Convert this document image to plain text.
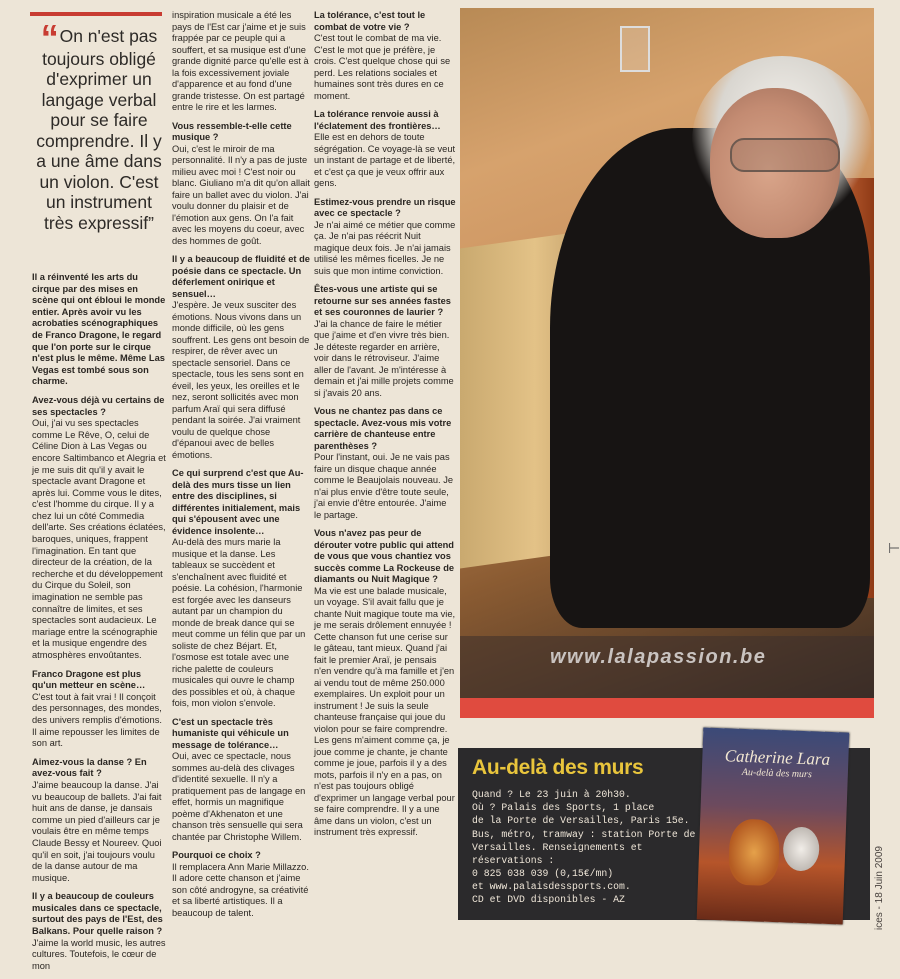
“ On n'est pas toujours obligé d'exprimer un langage verbal pour se faire comprendre. Il y a une âme dans un violon. C'est un instrument très expressif”

Il a réinventé les arts du cirque par des mises en scène qui ont ébloui le monde entier. Après avoir vu les acrobaties scénographiques de Franco Dragone, le regard que l'on porte sur le cirque n'est plus le même. Même Las Vegas est tombé sous son charme.

Avez-vous déjà vu certains de ses spectacles ?
Oui, j'ai vu ses spectacles comme Le Rêve, O, celui de Céline Dion à Las Vegas ou encore Saltimbanco et Alegria et je me suis dit qu'il y avait le spectacle avant Dragone et après lui. Comme vous le dites, c'est l'homme du cirque. Il y a chez lui un côté Commedia dell'arte. Ses créations éclatées, baroques, uniques, frappent l'imagination. En tant que directeur de la création, de la recherche et du développement du Cirque du Soleil, son imagination ne semble pas connaître de limites, et ses spectacles sont audacieux. Le mariage entre la scénographie et la musique engendre des atmosphères envoûtantes.

Franco Dragone est plus qu'un metteur en scène…
C'est tout à fait vrai ! Il conçoit des personnages, des mondes, des univers remplis d'émotions. Il aime repousser les limites de son art.

Aimez-vous la danse ? En avez-vous fait ?
J'aime beaucoup la danse. J'ai vu beaucoup de ballets. J'ai fait huit ans de danse, je dansais comme un pied d'ailleurs car je voulais être en même temps Claude Bessy et Noureev. Quoi qu'il en soit, j'ai toujours voulu de la danse autour de ma musique.

Il y a beaucoup de couleurs musicales dans ce spectacle, surtout des pays de l'Est, des Balkans. Pour quelle raison ?
J'aime la world music, les autres cultures. Toutefois, le cœur de mon

inspiration musicale a été les pays de l'Est car j'aime et je suis frappée par ce peuple qui a souffert, et sa musique est d'une grande dignité parce qu'elle est à la fois excessivement joviale d'apparence et au fond d'une grande tristesse. On est partagé entre le rire et les larmes.

Vous ressemble-t-elle cette musique ?
Oui, c'est le miroir de ma personnalité. Il n'y a pas de juste milieu avec moi ! C'est noir ou blanc. Giuliano m'a dit qu'on allait faire un ballet avec du violon. J'ai voulu donner du plaisir et de l'émotion aux gens. On l'a fait avec les moyens du coeur, avec des hommes de goût.

Il y a beaucoup de fluidité et de poésie dans ce spectacle. Un déferlement onirique et sensuel…
J'espère. Je veux susciter des émotions. Nous vivons dans un monde difficile, où les gens souffrent. Les gens ont besoin de respirer, de rêver avec un spectacle sensoriel. Dans ce spectacle, tous les sens sont en éveil, les yeux, les oreilles et le nez, seront sollicités avec mon parfum Araï qui sera diffusé pendant la soirée. J'ai vraiment voulu de quelque chose d'épanoui avec de belles émotions.

Ce qui surprend c'est que Au-delà des murs tisse un lien entre des disciplines, si différentes initialement, mais qui s'épousent avec une évidence insolente…
Au-delà des murs marie la musique et la danse. Les tableaux se succèdent et s'enchaînent avec fluidité et poésie. La cohésion, l'harmonie est forgée avec les danseurs autant par un champion du monde de break dance qui se meut comme un félin que par un soliste de chez Béjart. Et, l'osmose est totale avec une riche palette de couleurs musicales qui ouvre le champ des possibles et où, à chaque fois, mon violon s'envole.

C'est un spectacle très humaniste qui véhicule un message de tolérance…
Oui, avec ce spectacle, nous sommes au-delà des clivages d'identité sexuelle. Il n'y a pratiquement pas de langage en effet, hormis un magnifique poème d'Akhenaton et une chanson très sensuelle qui sera chantée par Christophe Willem.

Pourquoi ce choix ?
Il remplacera Ann Marie Millazzo. Il adore cette chanson et j'aime son côté androgyne, sa créativité et sa liberté artistiques. Il a beaucoup de talent.

La tolérance, c'est tout le combat de votre vie ?
C'est tout le combat de ma vie. C'est le mot que je préfère, je crois. C'est quelque chose qui se perd. Les relations sociales et humaines sont très dures en ce moment.

La tolérance renvoie aussi à l'éclatement des frontières…
Elle est en dehors de toute ségrégation. Ce voyage-là se veut un instant de partage et de liberté, et c'est ça que je veux offrir aux gens.

Estimez-vous prendre un risque avec ce spectacle ?
Je n'ai aimé ce métier que comme ça. Je n'ai pas réécrit Nuit magique deux fois. Je n'ai jamais utilisé les mêmes ficelles. Je ne suis que mon intime conviction.

Êtes-vous une artiste qui se retourne sur ses années fastes et ses couronnes de laurier ?
J'ai la chance de faire le métier que j'aime et d'en vivre très bien. Je déteste regarder en arrière, voir dans le rétroviseur. J'aime aller de l'avant. Je m'intéresse à demain et j'ai mille projets comme si j'avais 20 ans.

Vous ne chantez pas dans ce spectacle. Avez-vous mis votre carrière de chanteuse entre parenthèses ?
Pour l'instant, oui. Je ne vais pas faire un disque chaque année comme le Beaujolais nouveau. Je n'ai plus envie d'être toute seule, j'ai envie d'être entourée. J'aime le partage.

Vous n'avez pas peur de dérouter votre public qui attend de vous que vous chantiez vos succès comme La Rockeuse de diamants ou Nuit Magique ?
Ma vie est une balade musicale, un voyage. S'il avait fallu que je chante Nuit magique toute ma vie, je me serais drôlement ennuyée ! Cette chanson fut une cerise sur le gâteau, tant mieux. Quand j'ai fait le premier Araï, je pensais n'en vendre qu'à ma famille et j'en ai vendu tout de même 250.000 exemplaires. Un exploit pour un instrument ! Je suis la seule chanteuse française qui joue du violon pour se faire comprendre. Les gens m'aiment comme ça, je joue comme je chante, je chante comme je joue, parfois il y a des mots, parfois il n'y en a pas, on n'est pas toujours obligé d'exprimer un langage verbal pour se faire comprendre. Il y a une âme dans un violon, c'est un instrument très expressif.

www.lalapassion.be
Au-delà des murs
Quand ? Le 23 juin à 20h30.
Où ? Palais des Sports, 1 place
de la Porte de Versailles, Paris 15e.
Bus, métro, tramway : station Porte de
Versailles. Renseignements et réservations :
0 825 038 039 (0,15€/mn)
et www.palaisdessports.com.
CD et DVD disponibles - AZ
Catherine Lara
Au-delà des murs
ices - 18 Juin 2009
⊢
